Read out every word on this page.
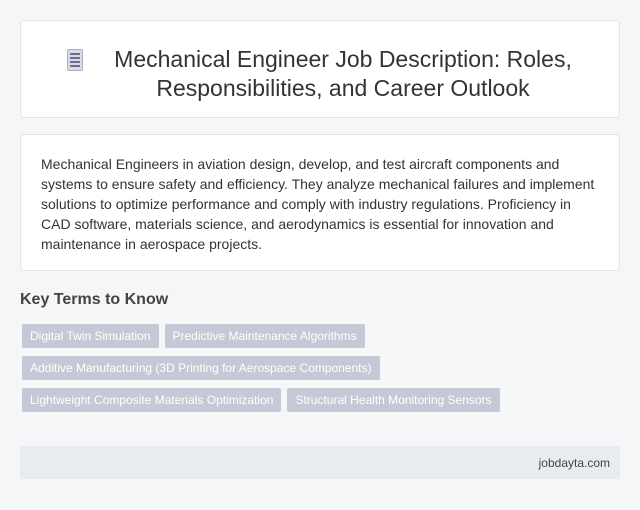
Mechanical Engineer Job Description: Roles, Responsibilities, and Career Outlook

Mechanical Engineers in aviation design, develop, and test aircraft components and systems to ensure safety and efficiency. They analyze mechanical failures and implement solutions to optimize performance and comply with industry regulations. Proficiency in CAD software, materials science, and aerodynamics is essential for innovation and maintenance in aerospace projects.

Key Terms to Know
Digital Twin Simulation	Predictive Maintenance Algorithms
Additive Manufacturing (3D Printing for Aerospace Components)
Lightweight Composite Materials Optimization	Structural Health Monitoring Sensors
jobdayta.com
